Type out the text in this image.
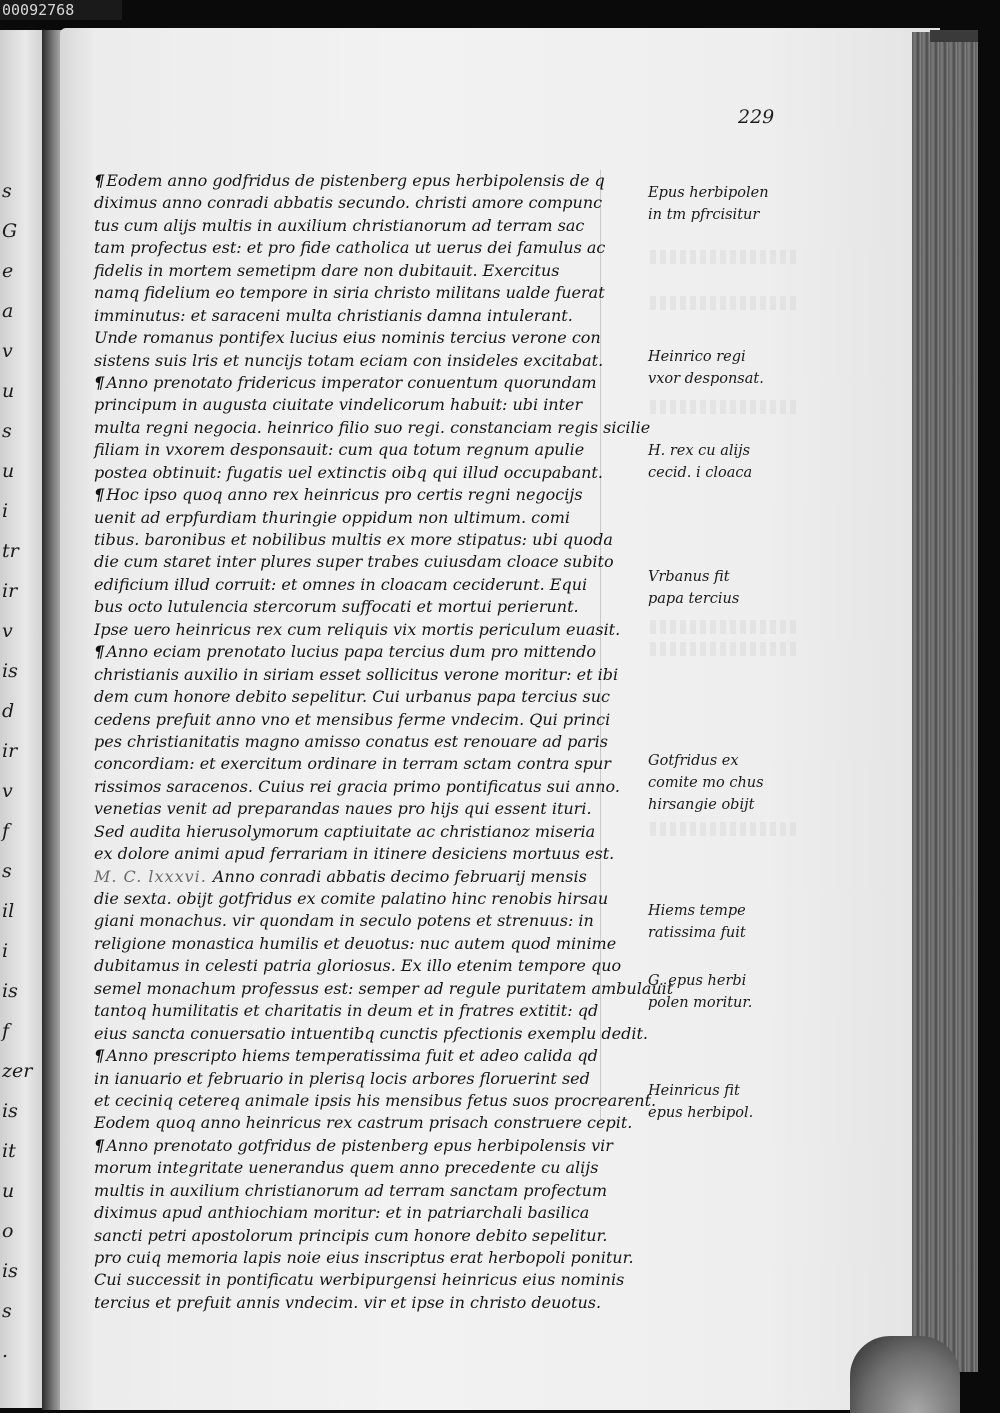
00092768
s
G
e
a
v
u
s
u
i
tr
ir
v
is
d
ir
v
f
s
il
i
is
f
zer
is
it
u
o
is
s
.
229
¶ Eodem anno godfridus de pistenberg epus herbipolensis de q
diximus anno conradi abbatis secundo. christi amore compunc
tus cum alijs multis in auxilium christianorum ad terram sac
tam profectus est: et pro fide catholica ut uerus dei famulus ac
fidelis in mortem semetipm dare non dubitauit. Exercitus
namq fidelium eo tempore in siria christo militans ualde fuerat
imminutus: et saraceni multa christianis damna intulerant.
Unde romanus pontifex lucius eius nominis tercius verone con
sistens suis lris et nuncijs totam eciam con insideles excitabat.
¶ Anno prenotato fridericus imperator conuentum quorundam
principum in augusta ciuitate vindelicorum habuit: ubi inter
multa regni negocia. heinrico filio suo regi. constanciam regis sicilie
filiam in vxorem desponsauit: cum qua totum regnum apulie
postea obtinuit: fugatis uel extinctis oibq qui illud occupabant.
¶ Hoc ipso quoq anno rex heinricus pro certis regni negocijs
uenit ad erpfurdiam thuringie oppidum non ultimum. comi
tibus. baronibus et nobilibus multis ex more stipatus: ubi quoda
die cum staret inter plures super trabes cuiusdam cloace subito
edificium illud corruit: et omnes in cloacam ceciderunt. Equi
bus octo lutulencia stercorum suffocati et mortui perierunt.
Ipse uero heinricus rex cum reliquis vix mortis periculum euasit.
¶ Anno eciam prenotato lucius papa tercius dum pro mittendo
christianis auxilio in siriam esset sollicitus verone moritur: et ibi
dem cum honore debito sepelitur. Cui urbanus papa tercius suc
cedens prefuit anno vno et mensibus ferme vndecim. Qui princi
pes christianitatis magno amisso conatus est renouare ad paris
concordiam: et exercitum ordinare in terram sctam contra spur
rissimos saracenos. Cuius rei gracia primo pontificatus sui anno.
venetias venit ad preparandas naues pro hijs qui essent ituri.
Sed audita hierusolymorum captiuitate ac christianoz miseria
ex dolore animi apud ferrariam in itinere desiciens mortuus est.
M. C. lxxxvi. Anno conradi abbatis decimo februarij mensis
die sexta. obijt gotfridus ex comite palatino hinc renobis hirsau
giani monachus. vir quondam in seculo potens et strenuus: in
religione monastica humilis et deuotus: nuc autem quod minime
dubitamus in celesti patria gloriosus. Ex illo etenim tempore quo
semel monachum professus est: semper ad regule puritatem ambulauit
tantoq humilitatis et charitatis in deum et in fratres extitit: qd
eius sancta conuersatio intuentibq cunctis pfectionis exemplu dedit.
¶ Anno prescripto hiems temperatissima fuit et adeo calida qd
in ianuario et februario in plerisq locis arbores floruerint sed
et ceciniq cetereq animale ipsis his mensibus fetus suos procrearent.
Eodem quoq anno heinricus rex castrum prisach construere cepit.
¶ Anno prenotato gotfridus de pistenberg epus herbipolensis vir
morum integritate uenerandus quem anno precedente cu alijs
multis in auxilium christianorum ad terram sanctam profectum
diximus apud anthiochiam moritur: et in patriarchali basilica
sancti petri apostolorum principis cum honore debito sepelitur.
pro cuiq memoria lapis noie eius inscriptus erat herbopoli ponitur.
Cui successit in pontificatu werbipurgensi heinricus eius nominis
tercius et prefuit annis vndecim. vir et ipse in christo deuotus.
Epus herbipolen
in tm pfrcisitur
Heinrico regi
vxor desponsat.
H. rex cu alijs
cecid. i cloaca
Vrbanus fit
papa tercius
Gotfridus ex
comite mo chus
hirsangie obijt
Hiems tempe
ratissima fuit
G. epus herbi
polen moritur.
Heinricus fit
epus herbipol.
